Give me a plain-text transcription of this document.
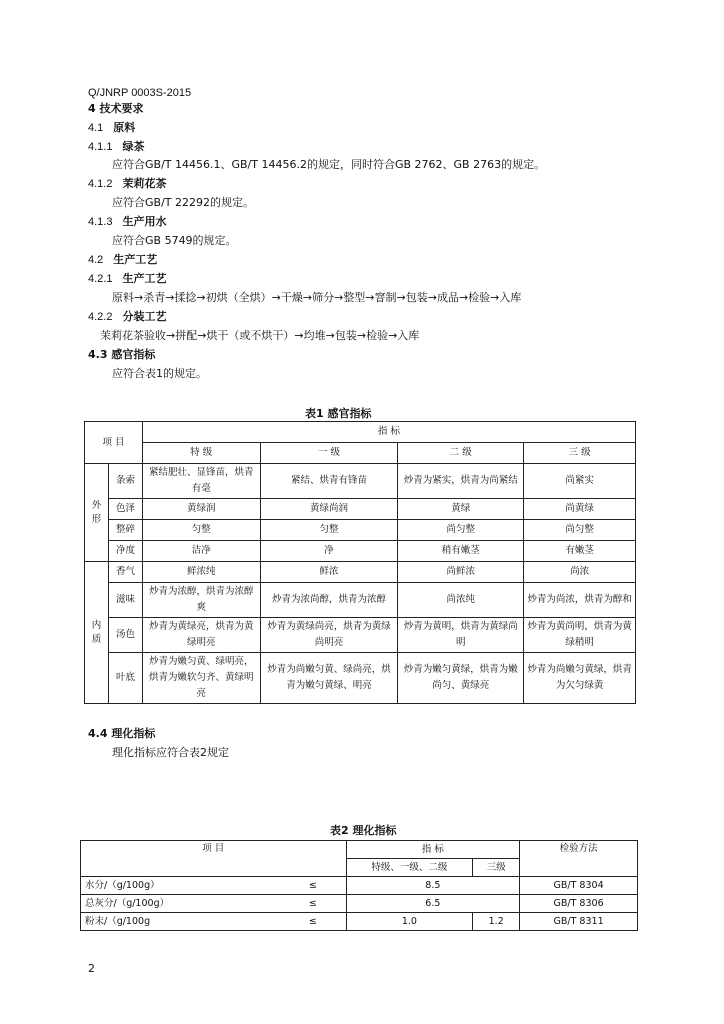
Q/JNRP 0003S-2015
4 技术要求
4.1 原料
4.1.1 绿茶
应符合GB/T 14456.1、GB/T 14456.2的规定，同时符合GB 2762、GB 2763的规定。
4.1.2 茉莉花茶
应符合GB/T 22292的规定。
4.1.3 生产用水
应符合GB 5749的规定。
4.2 生产工艺
4.2.1 生产工艺
原料→杀青→揉捻→初烘（全烘）→干燥→筛分→整型→窨制→包装→成品→检验→入库
4.2.2 分装工艺
茉莉花茶验收→拼配→烘干（或不烘干）→均堆→包装→检验→入库
4.3 感官指标
应符合表1的规定。
表1 感官指标
项 目		指 标			
		特 级	一 级	二 级	三 级
外形	条索	紧结肥壮、显锋苗，烘青有毫	紧结、烘青有锋苗	炒青为紧实，烘青为尚紧结	尚紧实
	色泽	黄绿润	黄绿尚润	黄绿	尚黄绿
	整碎	匀整	匀整	尚匀整	尚匀整
	净度	洁净	净	稍有嫩茎	有嫩茎
内质	香气	鲜浓纯	鲜浓	尚鲜浓	尚浓
	滋味	炒青为浓醇，烘青为浓醇爽	炒青为浓尚醇，烘青为浓醇	尚浓纯	炒青为尚浓，烘青为醇和
	汤色	炒青为黄绿亮，烘青为黄绿明亮	炒青为黄绿尚亮，烘青为黄绿尚明亮	炒青为黄明，烘青为黄绿尚明	炒青为黄尚明，烘青为黄绿稍明
	叶底	炒青为嫩匀黄、绿明亮，烘青为嫩软匀齐、黄绿明亮	炒青为尚嫩匀黄、绿尚亮，烘青为嫩匀黄绿、明亮	炒青为嫩匀黄绿，烘青为嫩尚匀、黄绿亮	炒青为尚嫩匀黄绿，烘青为欠匀绿黄
4.4 理化指标
理化指标应符合表2规定
表2 理化指标
项 目		指 标		检验方法
		特级、一级、二级	三级	
水分/（g/100g）	≤	8.5		GB/T 8304
总灰分/（g/100g）	≤	6.5		GB/T 8306
粉末/（g/100g	≤	1.0	1.2	GB/T 8311
2
